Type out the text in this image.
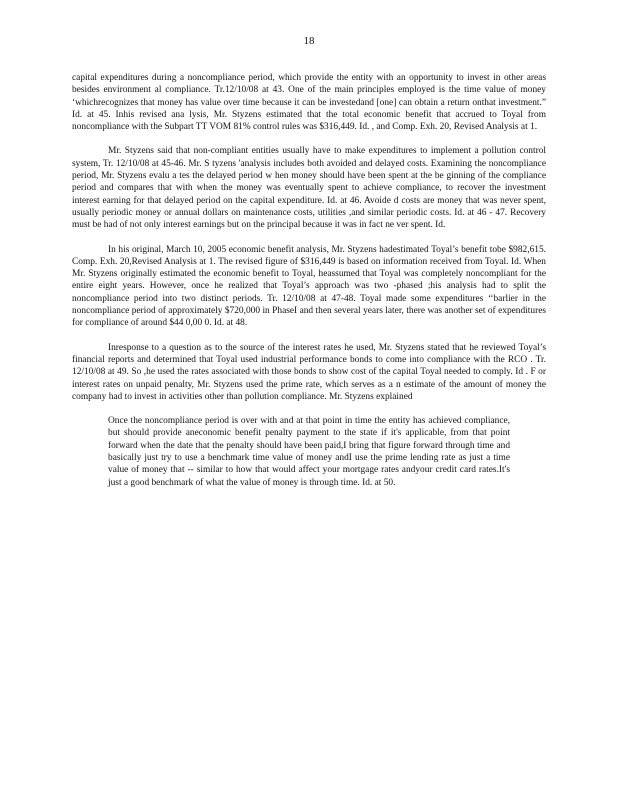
18

capital expenditures during a noncompliance period, which provide the entity with an opportunity to invest in other areas besides environment al compliance. Tr.12/10/08 at 43. One of the main principles employed is the time value of money ‘whichrecognizes that money has value over time because it can be investedand [one] can obtain a return onthat investment.” Id. at 45. Inhis revised ana lysis, Mr. Styzens estimated that the total economic benefit that accrued to Toyal from noncompliance with the Subpart TT VOM 81% control rules was $316,449. Id. , and Comp. Exh. 20, Revised Analysis at 1.

Mr. Styzens said that non-compliant entities usually have to make expenditures to implement a pollution control system, Tr. 12/10/08 at 45-46. Mr. S tyzens 'analysis includes both avoided and delayed costs. Examining the noncompliance period, Mr. Styzens evalu a tes the delayed period w hen money should have been spent at the be ginning of the compliance period and compares that with when the money was eventually spent to achieve compliance, to recover the investment interest earning for that delayed period on the capital expenditure. Id. at 46. Avoide d costs are money that was never spent, usually periodic money or annual dollars on maintenance costs, utilities ,and similar periodic costs. Id. at 46 - 47. Recovery must be had of not only interest earnings but on the principal because it was in fact ne ver spent. Id.

In his original, March 10, 2005 economic benefit analysis, Mr. Styzens hadestimated Toyal’s benefit tobe $982,615. Comp. Exh. 20,Revised Analysis at 1. The revised figure of $316,449 is based on information received from Toyal. Id. When Mr. Styzens originally estimated the economic benefit to Toyal, heassumed that Toyal was completely noncompliant for the entire eight years. However, once he realized that Toyal’s approach was two -phased ;his analysis had to split the noncompliance period into two distinct periods. Tr. 12/10/08 at 47-48. Toyal made some expenditures ‘‘barlier in the noncompliance period of approximately $720,000 in PhaseI and then several years later, there was another set of expenditures for compliance of around $44 0,00 0. Id. at 48.

Inresponse to a question as to the source of the interest rates he used, Mr. Styzens stated that he reviewed Toyal’s financial reports and determined that Toyal used industrial performance bonds to come into compliance with the RCO . Tr. 12/10/08 at 49. So ,he used the rates associated with those bonds to show cost of the capital Toyal needed to comply. Id . F or interest rates on unpaid penalty, Mr. Styzens used the prime rate, which serves as a n estimate of the amount of money the company had to invest in activities other than pollution compliance. Mr. Styzens explained

Once the noncompliance period is over with and at that point in time the entity has achieved compliance, but should provide aneconomic benefit penalty payment to the state if it's applicable, from that point forward when the date that the penalty should have been paid,I bring that figure forward through time and basically just try to use a benchmark time value of money andI use the prime lending rate as just a time value of money that -- similar to how that would affect your mortgage rates andyour credit card rates.It's just a good benchmark of what the value of money is through time. Id. at 50.
